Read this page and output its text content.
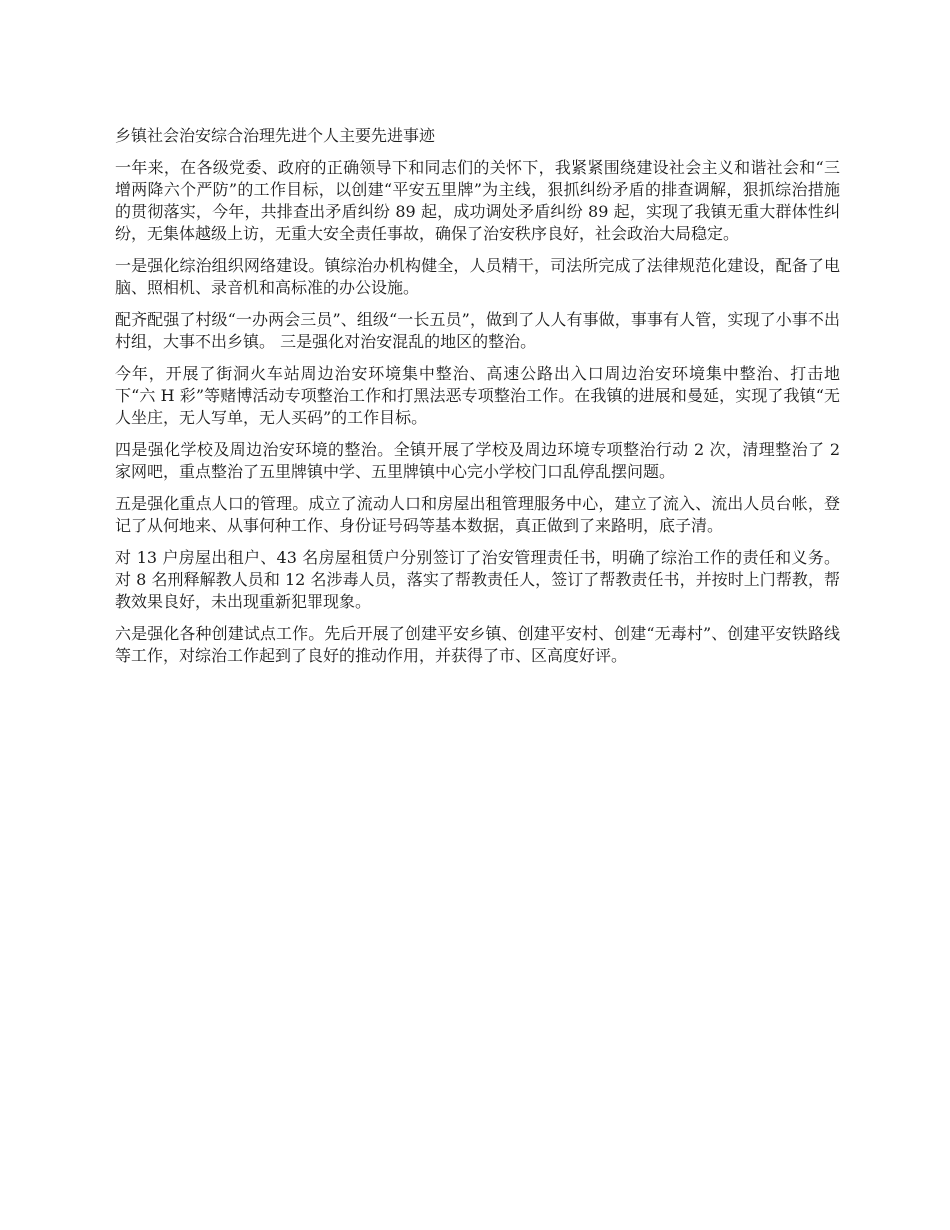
乡镇社会治安综合治理先进个人主要先进事迹

一年来，在各级党委、政府的正确领导下和同志们的关怀下，我紧紧围绕建设社会主义和谐社会和“三增两降六个严防”的工作目标，以创建“平安五里牌”为主线，狠抓纠纷矛盾的排查调解，狠抓综治措施的贯彻落实，今年，共排查出矛盾纠纷 89 起，成功调处矛盾纠纷 89 起，实现了我镇无重大群体性纠纷，无集体越级上访，无重大安全责任事故，确保了治安秩序良好，社会政治大局稳定。

一是强化综治组织网络建设。镇综治办机构健全，人员精干，司法所完成了法律规范化建设，配备了电脑、照相机、录音机和高标准的办公设施。

配齐配强了村级“一办两会三员”、组级“一长五员”，做到了人人有事做，事事有人管，实现了小事不出村组，大事不出乡镇。 三是强化对治安混乱的地区的整治。

今年，开展了街洞火车站周边治安环境集中整治、高速公路出入口周边治安环境集中整治、打击地下“六 H 彩”等赌博活动专项整治工作和打黑法恶专项整治工作。在我镇的进展和曼延，实现了我镇“无人坐庄，无人写单，无人买码”的工作目标。

四是强化学校及周边治安环境的整治。全镇开展了学校及周边环境专项整治行动 2 次，清理整治了 2 家网吧，重点整治了五里牌镇中学、五里牌镇中心完小学校门口乱停乱摆问题。

五是强化重点人口的管理。成立了流动人口和房屋出租管理服务中心，建立了流入、流出人员台帐，登记了从何地来、从事何种工作、身份证号码等基本数据，真正做到了来路明，底子清。

对 13 户房屋出租户、43 名房屋租赁户分别签订了治安管理责任书，明确了综治工作的责任和义务。对 8 名刑释解教人员和 12 名涉毒人员，落实了帮教责任人，签订了帮教责任书，并按时上门帮教，帮教效果良好，未出现重新犯罪现象。

六是强化各种创建试点工作。先后开展了创建平安乡镇、创建平安村、创建“无毒村”、创建平安铁路线等工作，对综治工作起到了良好的推动作用，并获得了市、区高度好评。
